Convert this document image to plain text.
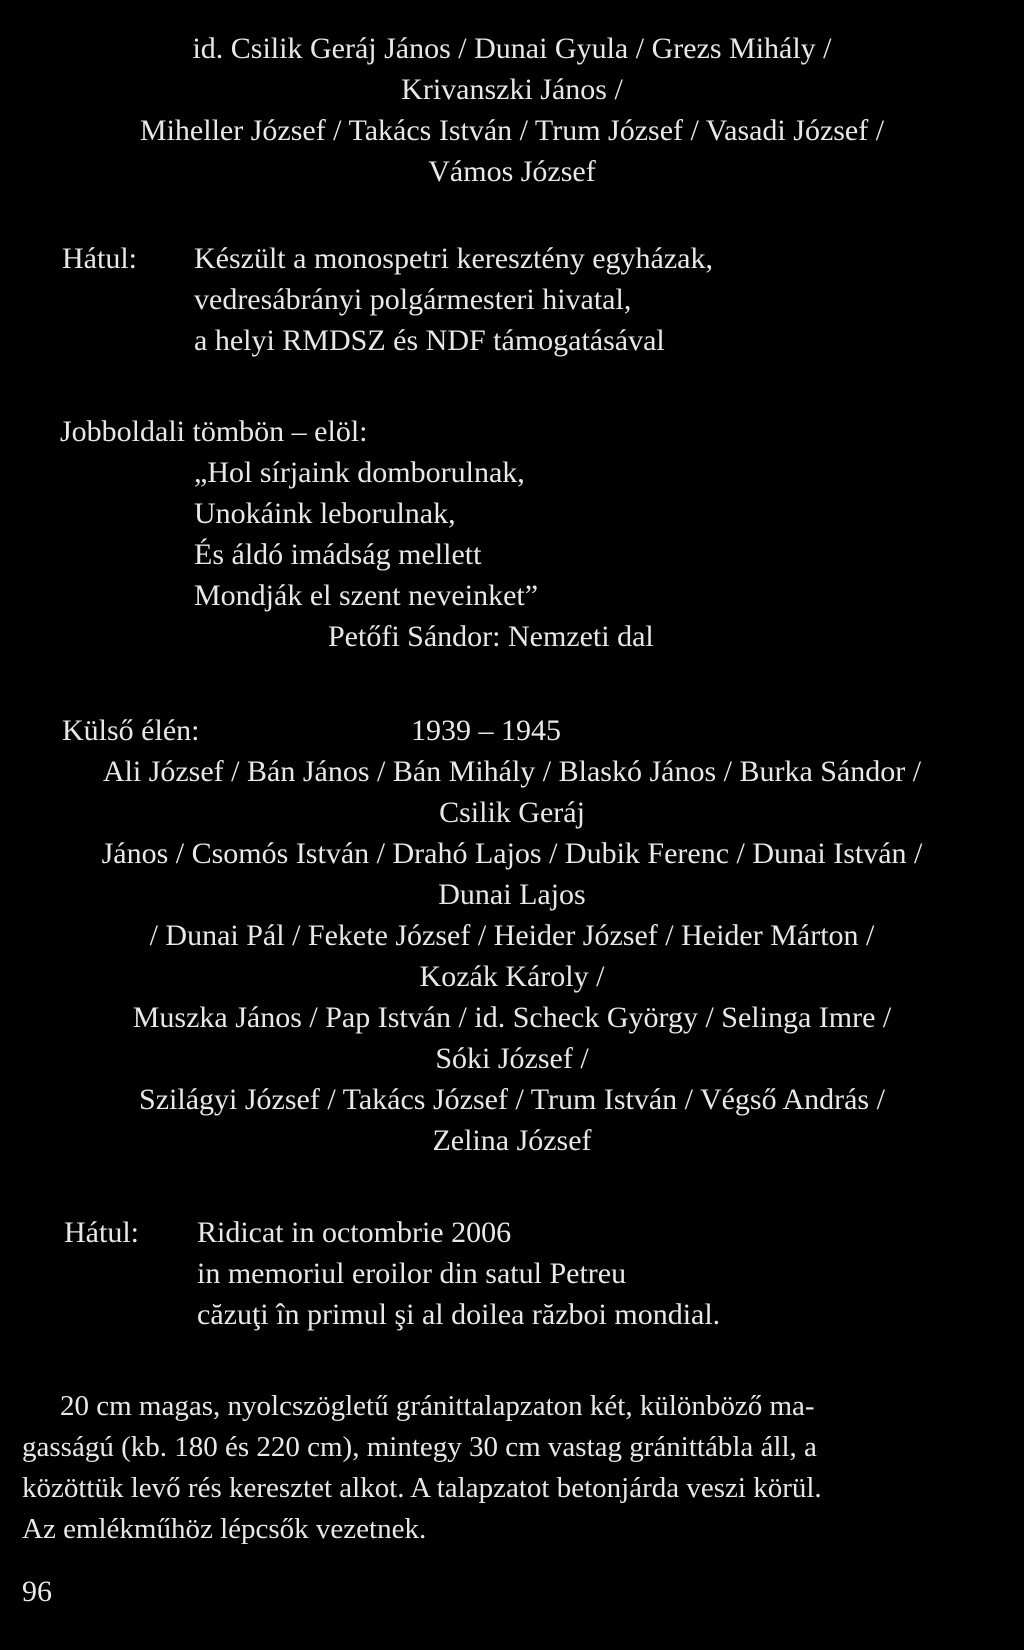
id. Csilik Geráj János / Dunai Gyula / Grezs Mihály /
Krivanszki János /
Miheller József / Takács István / Trum József / Vasadi József /
Vámos József
Hátul: Készült a monospetri keresztény egyházak,
vedresábrányi polgármesteri hivatal,
a helyi RMDSZ és NDF támogatásával
Jobboldali tömbön – elöl:
„Hol sírjaink domborulnak,
Unokáink leborulnak,
És áldó imádság mellett
Mondják el szent neveinket”
Petőfi Sándor: Nemzeti dal
Külső élén:	1939 – 1945
Ali József / Bán János / Bán Mihály / Blaskó János / Burka Sándor /
Csilik Geráj
János / Csomós István / Drahó Lajos / Dubik Ferenc / Dunai István /
Dunai Lajos
/ Dunai Pál / Fekete József / Heider József / Heider Márton /
Kozák Károly /
Muszka János / Pap István / id. Scheck György / Selinga Imre /
Sóki József /
Szilágyi József / Takács József / Trum István / Végső András /
Zelina József
Hátul: Ridicat in octombrie 2006
in memoriul eroilor din satul Petreu
căzuţi în primul şi al doilea război mondial.
20 cm magas, nyolcszögletű gránittalapzaton két, különböző ma-
gasságú (kb. 180 és 220 cm), mintegy 30 cm vastag gránittábla áll, a
közöttük levő rés keresztet alkot. A talapzatot betonjárda veszi körül.
Az emlékműhöz lépcsők vezetnek.
96
